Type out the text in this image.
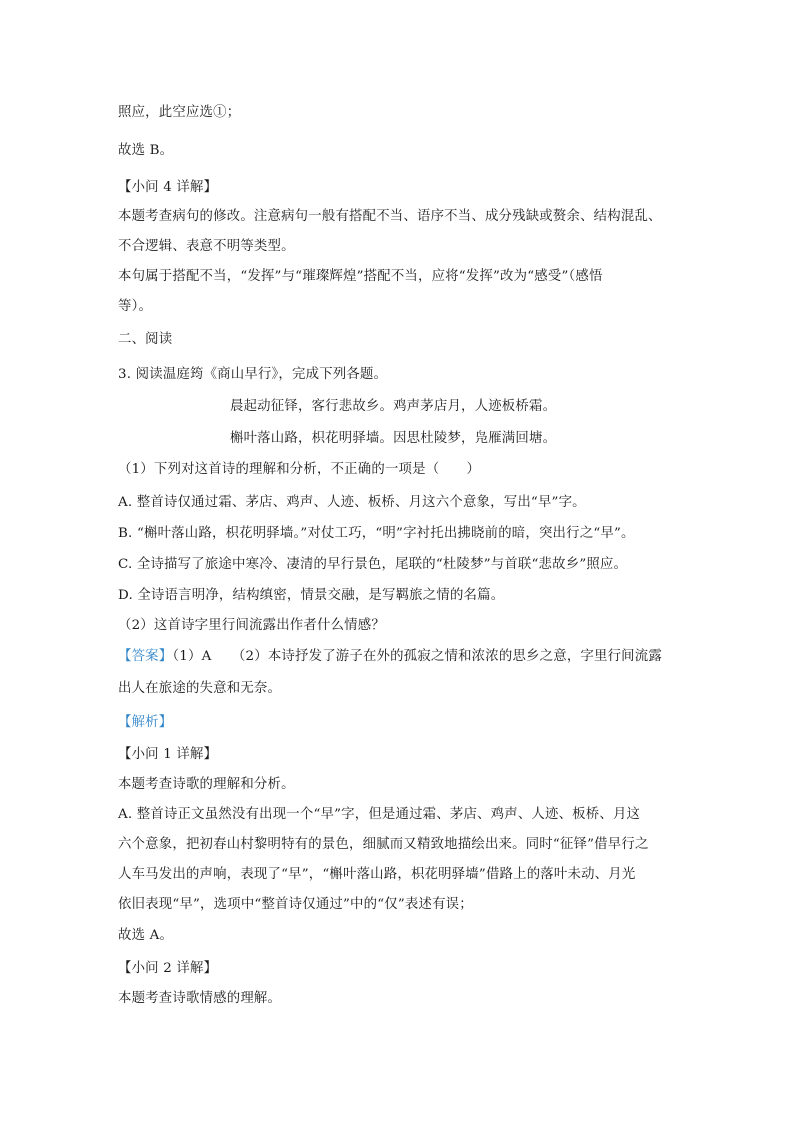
照应，此空应选①；
故选 B。
【小问 4 详解】
本题考查病句的修改。注意病句一般有搭配不当、语序不当、成分残缺或赘余、结构混乱、
不合逻辑、表意不明等类型。
本句属于搭配不当，“发挥”与“璀璨辉煌”搭配不当，应将“发挥”改为“感受”（感悟
等）。
二、阅读
3. 阅读温庭筠《商山早行》，完成下列各题。
晨起动征铎，客行悲故乡。鸡声茅店月，人迹板桥霜。
槲叶落山路，枳花明驿墙。因思杜陵梦，凫雁满回塘。
（1）下列对这首诗的理解和分析，不正确的一项是（　　）
A. 整首诗仅通过霜、茅店、鸡声、人迹、板桥、月这六个意象，写出“早”字。
B. “槲叶落山路，枳花明驿墙。”对仗工巧，“明”字衬托出拂晓前的暗，突出行之“早”。
C. 全诗描写了旅途中寒冷、凄清的早行景色，尾联的“杜陵梦”与首联“悲故乡”照应。
D. 全诗语言明净，结构缜密，情景交融，是写羁旅之情的名篇。
（2）这首诗字里行间流露出作者什么情感？
【答案】（1）A　　（2）本诗抒发了游子在外的孤寂之情和浓浓的思乡之意，字里行间流露
出人在旅途的失意和无奈。
【解析】
【小问 1 详解】
本题考查诗歌的理解和分析。
A. 整首诗正文虽然没有出现一个“早”字，但是通过霜、茅店、鸡声、人迹、板桥、月这
六个意象，把初春山村黎明特有的景色，细腻而又精致地描绘出来。同时“征铎”借早行之
人车马发出的声响，表现了“早”，“槲叶落山路，枳花明驿墙”借路上的落叶未动、月光
依旧表现“早”，选项中“整首诗仅通过”中的“仅”表述有误；
故选 A。
【小问 2 详解】
本题考查诗歌情感的理解。
